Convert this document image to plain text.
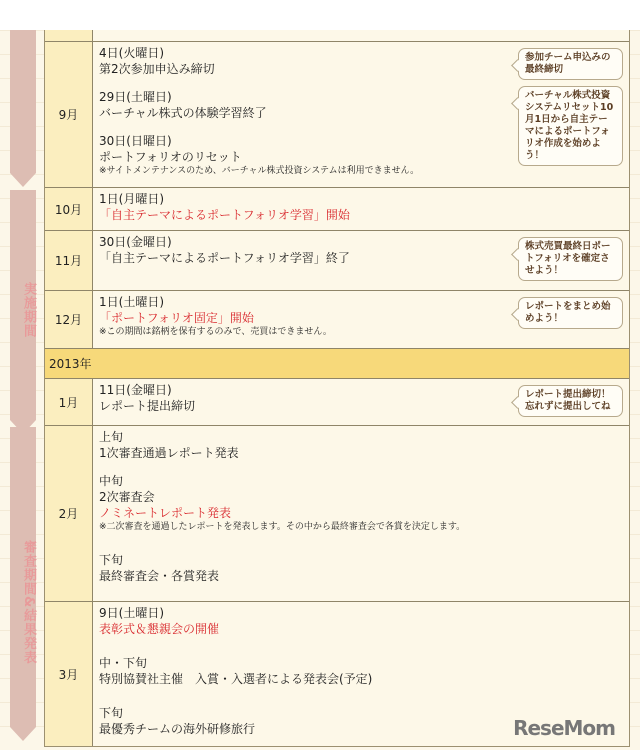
実施期間
審査期間&結果発表
9月
4日(火曜日)
第2次参加申込み締切
29日(土曜日)
バーチャル株式の体験学習終了
30日(日曜日)
ポートフォリオのリセット
※サイトメンテナンスのため、バーチャル株式投資システムは利用できません。
参加チーム申込みの最終締切
バーチャル株式投資システムリセット10月1日から自主テーマによるポートフォリオ作成を始めよう！
10月
1日(月曜日)
「自主テーマによるポートフォリオ学習」開始
11月
30日(金曜日)
「自主テーマによるポートフォリオ学習」終了
株式売買最終日ポートフォリオを確定させよう！
12月
1日(土曜日)
「ポートフォリオ固定」開始
※この期間は銘柄を保有するのみで、売買はできません。
レポートをまとめ始めよう！
2013年
1月
11日(金曜日)
レポート提出締切
レポート提出締切！忘れずに提出してね
2月
上旬
1次審査通過レポート発表
中旬
2次審査会
ノミネートレポート発表
※二次審査を通過したレポートを発表します。その中から最終審査会で各賞を決定します。
下旬
最終審査会・各賞発表
3月
9日(土曜日)
表彰式＆懇親会の開催
中・下旬
特別協賛社主催　入賞・入選者による発表会(予定)
下旬
最優秀チームの海外研修旅行	ReseMom
